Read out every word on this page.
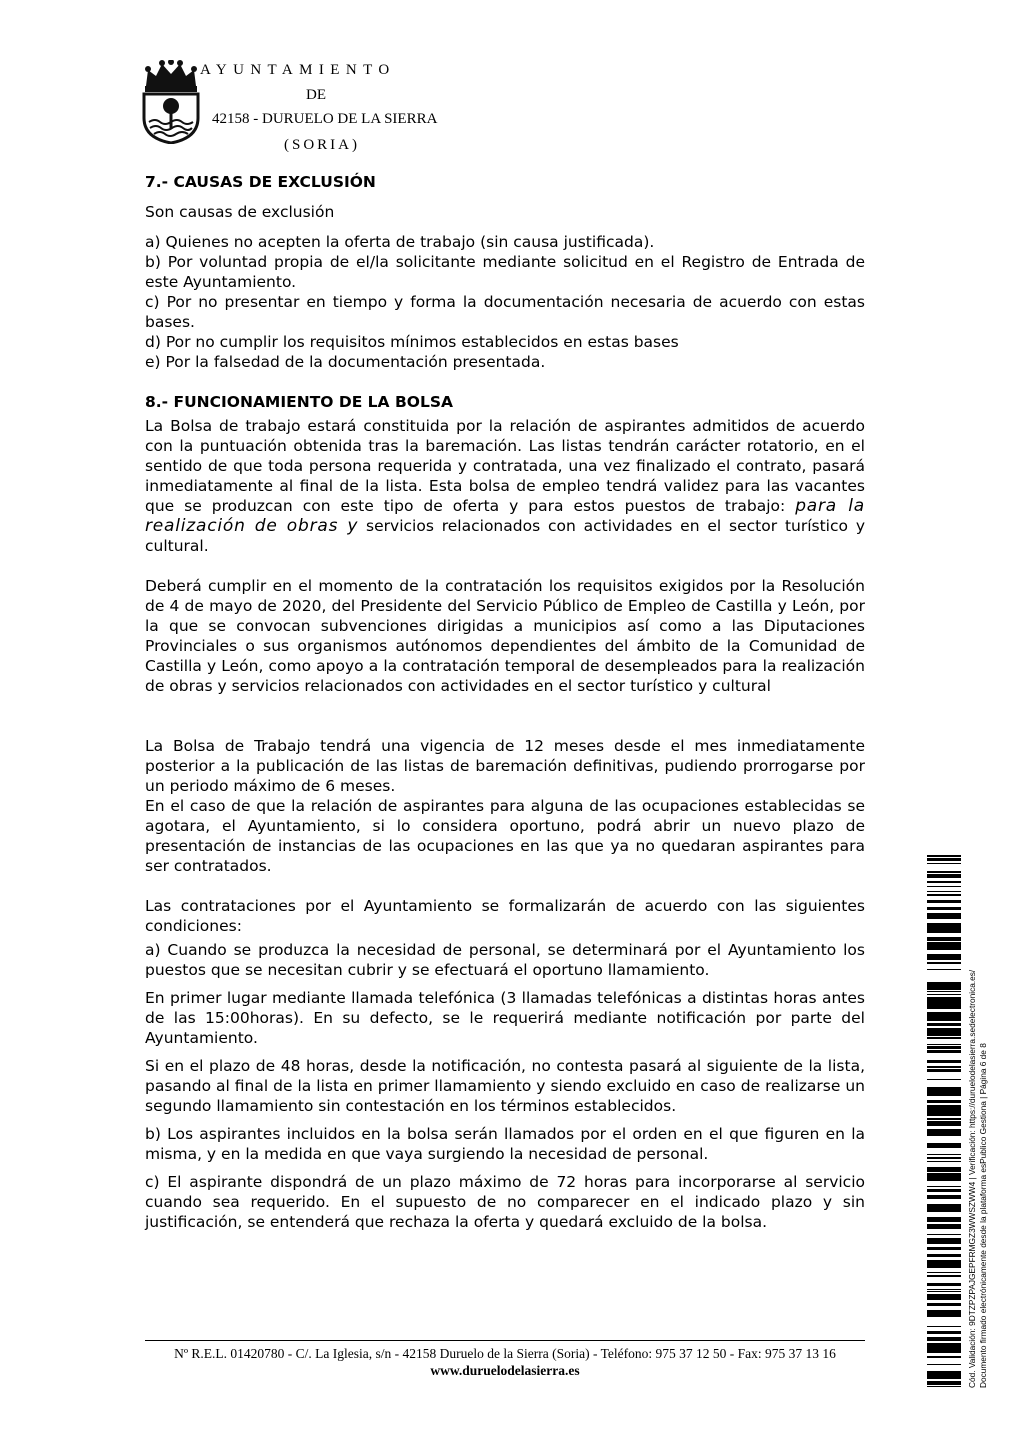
AYUNTAMIENTO
DE
42158 - DURUELO DE LA SIERRA
(SORIA)
7.- CAUSAS DE EXCLUSIÓN

Son causas de exclusión

a) Quienes no acepten la oferta de trabajo (sin causa justificada).

b) Por voluntad propia de el/la solicitante mediante solicitud en el Registro de Entrada de este Ayuntamiento.

c) Por no presentar en tiempo y forma la documentación necesaria de acuerdo con estas bases.

d) Por no cumplir los requisitos mínimos establecidos en estas bases

e) Por la falsedad de la documentación presentada.

8.- FUNCIONAMIENTO DE LA BOLSA

La Bolsa de trabajo estará constituida por la relación de aspirantes admitidos de acuerdo con la puntuación obtenida tras la baremación. Las listas tendrán carácter rotatorio, en el sentido de que toda persona requerida y contratada, una vez finalizado el contrato, pasará inmediatamente al final de la lista. Esta bolsa de empleo tendrá validez para las vacantes que se produzcan con este tipo de oferta y para estos puestos de trabajo: para la realización de obras y servicios relacionados con actividades en el sector turístico y cultural.

Deberá cumplir en el momento de la contratación los requisitos exigidos por la Resolución de 4 de mayo de 2020, del Presidente del Servicio Público de Empleo de Castilla y León, por la que se convocan subvenciones dirigidas a municipios así como a las Diputaciones Provinciales o sus organismos autónomos dependientes del ámbito de la Comunidad de Castilla y León, como apoyo a la contratación temporal de desempleados para la realización de obras y servicios relacionados con actividades en el sector turístico y cultural

La Bolsa de Trabajo tendrá una vigencia de 12 meses desde el mes inmediatamente posterior a la publicación de las listas de baremación definitivas, pudiendo prorrogarse por un periodo máximo de 6 meses.

En el caso de que la relación de aspirantes para alguna de las ocupaciones establecidas se agotara, el Ayuntamiento, si lo considera oportuno, podrá abrir un nuevo plazo de presentación de instancias de las ocupaciones en las que ya no quedaran aspirantes para ser contratados.

Las contrataciones por el Ayuntamiento se formalizarán de acuerdo con las siguientes condiciones:

a) Cuando se produzca la necesidad de personal, se determinará por el Ayuntamiento los puestos que se necesitan cubrir y se efectuará el oportuno llamamiento.

En primer lugar mediante llamada telefónica (3 llamadas telefónicas a distintas horas antes de las 15:00horas). En su defecto, se le requerirá mediante notificación por parte del Ayuntamiento.

Si en el plazo de 48 horas, desde la notificación, no contesta pasará al siguiente de la lista, pasando al final de la lista en primer llamamiento y siendo excluido en caso de realizarse un segundo llamamiento sin contestación en los términos establecidos.

b) Los aspirantes incluidos en la bolsa serán llamados por el orden en el que figuren en la misma, y en la medida en que vaya surgiendo la necesidad de personal.

c) El aspirante dispondrá de un plazo máximo de 72 horas para incorporarse al servicio cuando sea requerido. En el supuesto de no comparecer en el indicado plazo y sin justificación, se entenderá que rechaza la oferta y quedará excluido de la bolsa.

Nº R.E.L. 01420780 - C/. La Iglesia, s/n - 42158 Duruelo de la Sierra (Soria) - Teléfono: 975 37 12 50 - Fax: 975 37 13 16
www.duruelodelasierra.es	Cód. Validación: 9DTZPZPAJGEPFRMGZ3WWSZWW4 | Verificación: https://duruelodelasierra.sedelectronica.es/ Documento firmado electrónicamente desde la plataforma esPublico Gestiona | Página 6 de 8
